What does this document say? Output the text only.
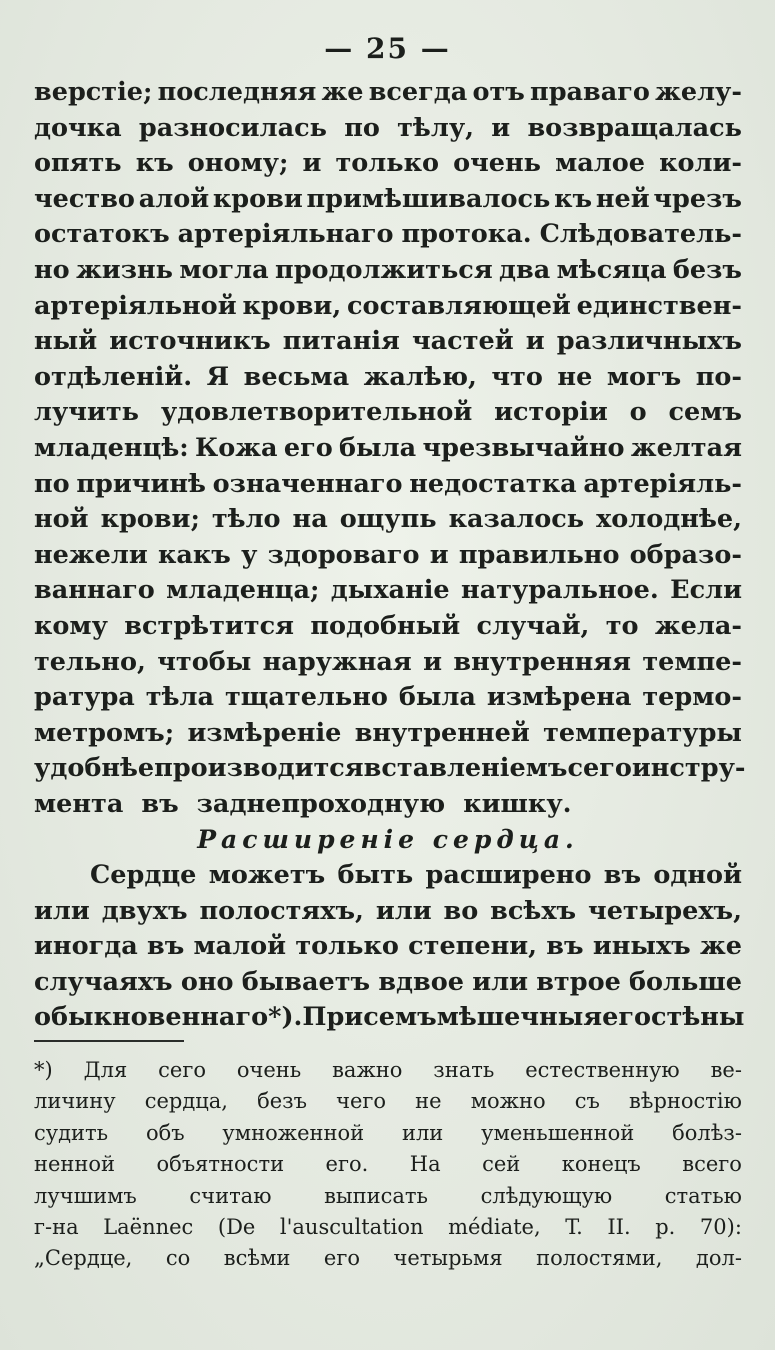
— 25 —
верстіе; последняя же всегда отъ праваго желу-
дочка разносилась по тѣлу, и возвращалась
опять къ оному; и только очень малое коли-
чество алой крови примѣшивалось къ ней чрезъ
остатокъ артеріяльнаго протока. Слѣдователь-
но жизнь могла продолжиться два мѣсяца безъ
артеріяльной крови, составляющей единствен-
ный источникъ питанія частей и различныхъ
отдѣленій. Я весьма жалѣю, что не могъ по-
лучить удовлетворительной исторіи о семъ
младенцѣ: Кожа его была чрезвычайно желтая
по причинѣ означеннаго недостатка артеріяль-
ной крови; тѣло на ощупь казалось холоднѣе,
нежели какъ у здороваго и правильно образо-
ваннаго младенца; дыханіе натуральное. Если
кому встрѣтится подобный случай, то жела-
тельно, чтобы наружная и внутренняя темпе-
ратура тѣла тщательно была измѣрена термо-
метромъ; измѣреніе внутренней температуры
удобнѣе производится вставленіемъ сего инстру-
мента въ заднепроходную кишку.
Расширеніе сердца.
Сердце можетъ быть расширено въ одной
или двухъ полостяхъ, или во всѣхъ четырехъ,
иногда въ малой только степени, въ иныхъ же
случаяхъ оно бываетъ вдвое или втрое больше
обыкновеннаго *). При семъ мѣшечныя его стѣны
*) Для сего очень важно знать естественную ве-
личину сердца, безъ чего не можно съ вѣрностію
судить объ умноженной или уменьшенной болѣз-
ненной объятности его. На сей конецъ всего
лучшимъ	считаю	выписать	слѣдующую	статью
г-на Laënnec (De l'auscultation médiate, T. II. p. 70):
„Сердце, со всѣми его четырьмя полостями, дол-
